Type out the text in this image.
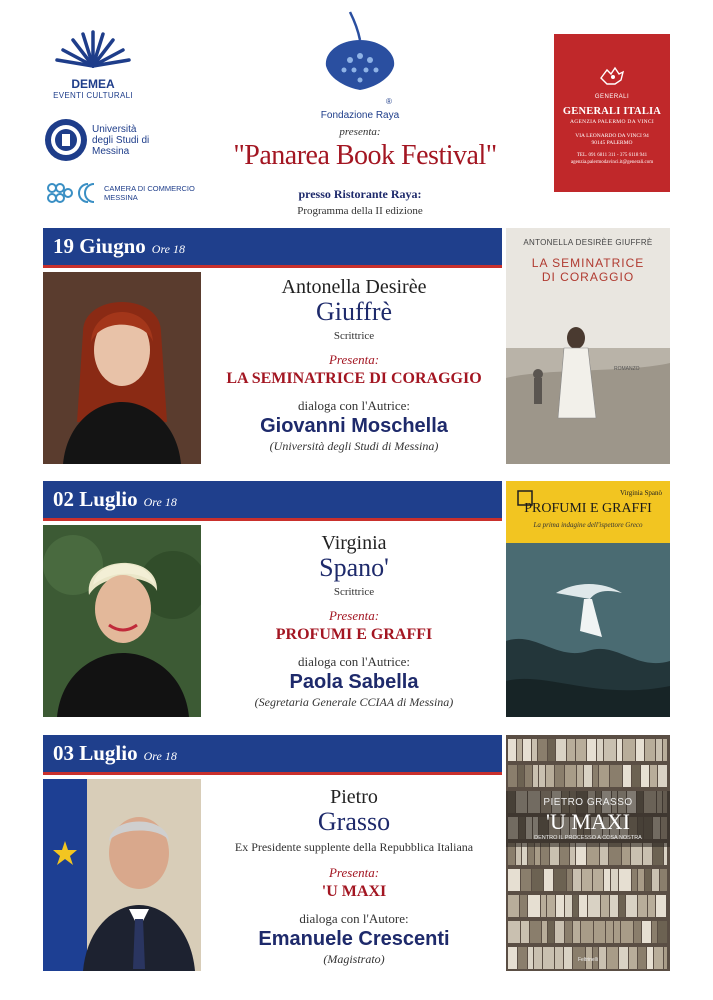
DEMEA
EVENTI CULTURALI
Università
degli Studi di
Messina
CAMERA DI COMMERCIO
MESSINA
®
Fondazione Raya
presenta:
"Panarea Book Festival"
presso Ristorante Raya:
Programma della II edizione
GENERALI
GENERALI ITALIA
AGENZIA PALERMO DA VINCI
VIA LEONARDO DA VINCI 94
90145 PALERMO
TEL. 091 6811 311 - 375 6118 941
agenzia.palermodavinci.it@generali.com
19 Giugno Ore 18	ANTONELLA DESIRÈE GIUFFRÈ
LA SEMINATRICE
DI CORAGGIO
ROMANZO
Antonella Desirèe
Giuffrè
Scrittrice
Presenta:
LA SEMINATRICE DI CORAGGIO
dialoga con l'Autrice:
Giovanni Moschella
(Università degli Studi di Messina)
02 Luglio Ore 18
Virginia Spanò
PROFUMI E GRAFFI
La prima indagine dell'ispettore Greco
Virginia
Spano'
Scrittrice
Presenta:
PROFUMI E GRAFFI
dialoga con l'Autrice:
Paola Sabella
(Segretaria Generale CCIAA di Messina)
03 Luglio Ore 18
PIETRO GRASSO
'U MAXI
DENTRO IL PROCESSO A COSA NOSTRA
Feltrinelli
Pietro
Grasso
Ex Presidente supplente della Repubblica Italiana
Presenta:
'U MAXI
dialoga con l'Autore:
Emanuele Crescenti
(Magistrato)
